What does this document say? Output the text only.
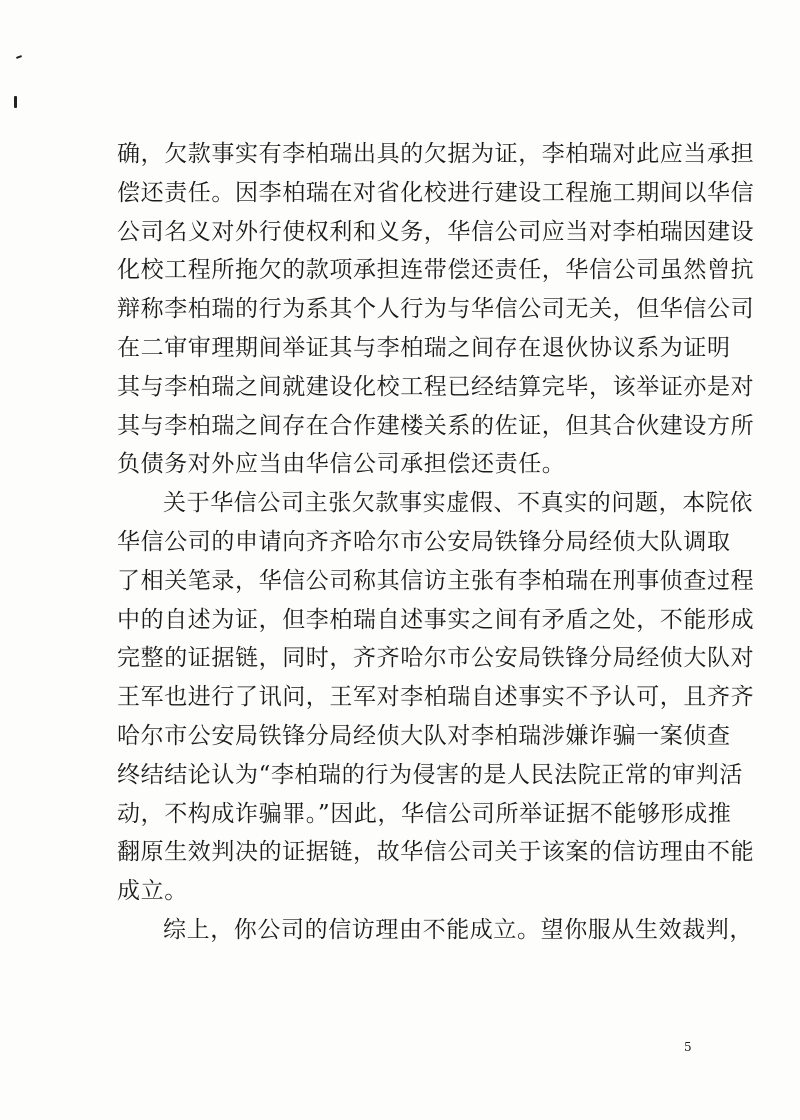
确，欠款事实有李柏瑞出具的欠据为证，李柏瑞对此应当承担
偿还责任。因李柏瑞在对省化校进行建设工程施工期间以华信
公司名义对外行使权利和义务，华信公司应当对李柏瑞因建设
化校工程所拖欠的款项承担连带偿还责任，华信公司虽然曾抗
辩称李柏瑞的行为系其个人行为与华信公司无关，但华信公司
在二审审理期间举证其与李柏瑞之间存在退伙协议系为证明
其与李柏瑞之间就建设化校工程已经结算完毕，该举证亦是对
其与李柏瑞之间存在合作建楼关系的佐证，但其合伙建设方所
负债务对外应当由华信公司承担偿还责任。
关于华信公司主张欠款事实虚假、不真实的问题，本院依
华信公司的申请向齐齐哈尔市公安局铁锋分局经侦大队调取
了相关笔录，华信公司称其信访主张有李柏瑞在刑事侦查过程
中的自述为证，但李柏瑞自述事实之间有矛盾之处，不能形成
完整的证据链，同时，齐齐哈尔市公安局铁锋分局经侦大队对
王军也进行了讯问，王军对李柏瑞自述事实不予认可，且齐齐
哈尔市公安局铁锋分局经侦大队对李柏瑞涉嫌诈骗一案侦查
终结结论认为“李柏瑞的行为侵害的是人民法院正常的审判活
动，不构成诈骗罪。”因此，华信公司所举证据不能够形成推
翻原生效判决的证据链，故华信公司关于该案的信访理由不能
成立。
综上，你公司的信访理由不能成立。望你服从生效裁判，
5
